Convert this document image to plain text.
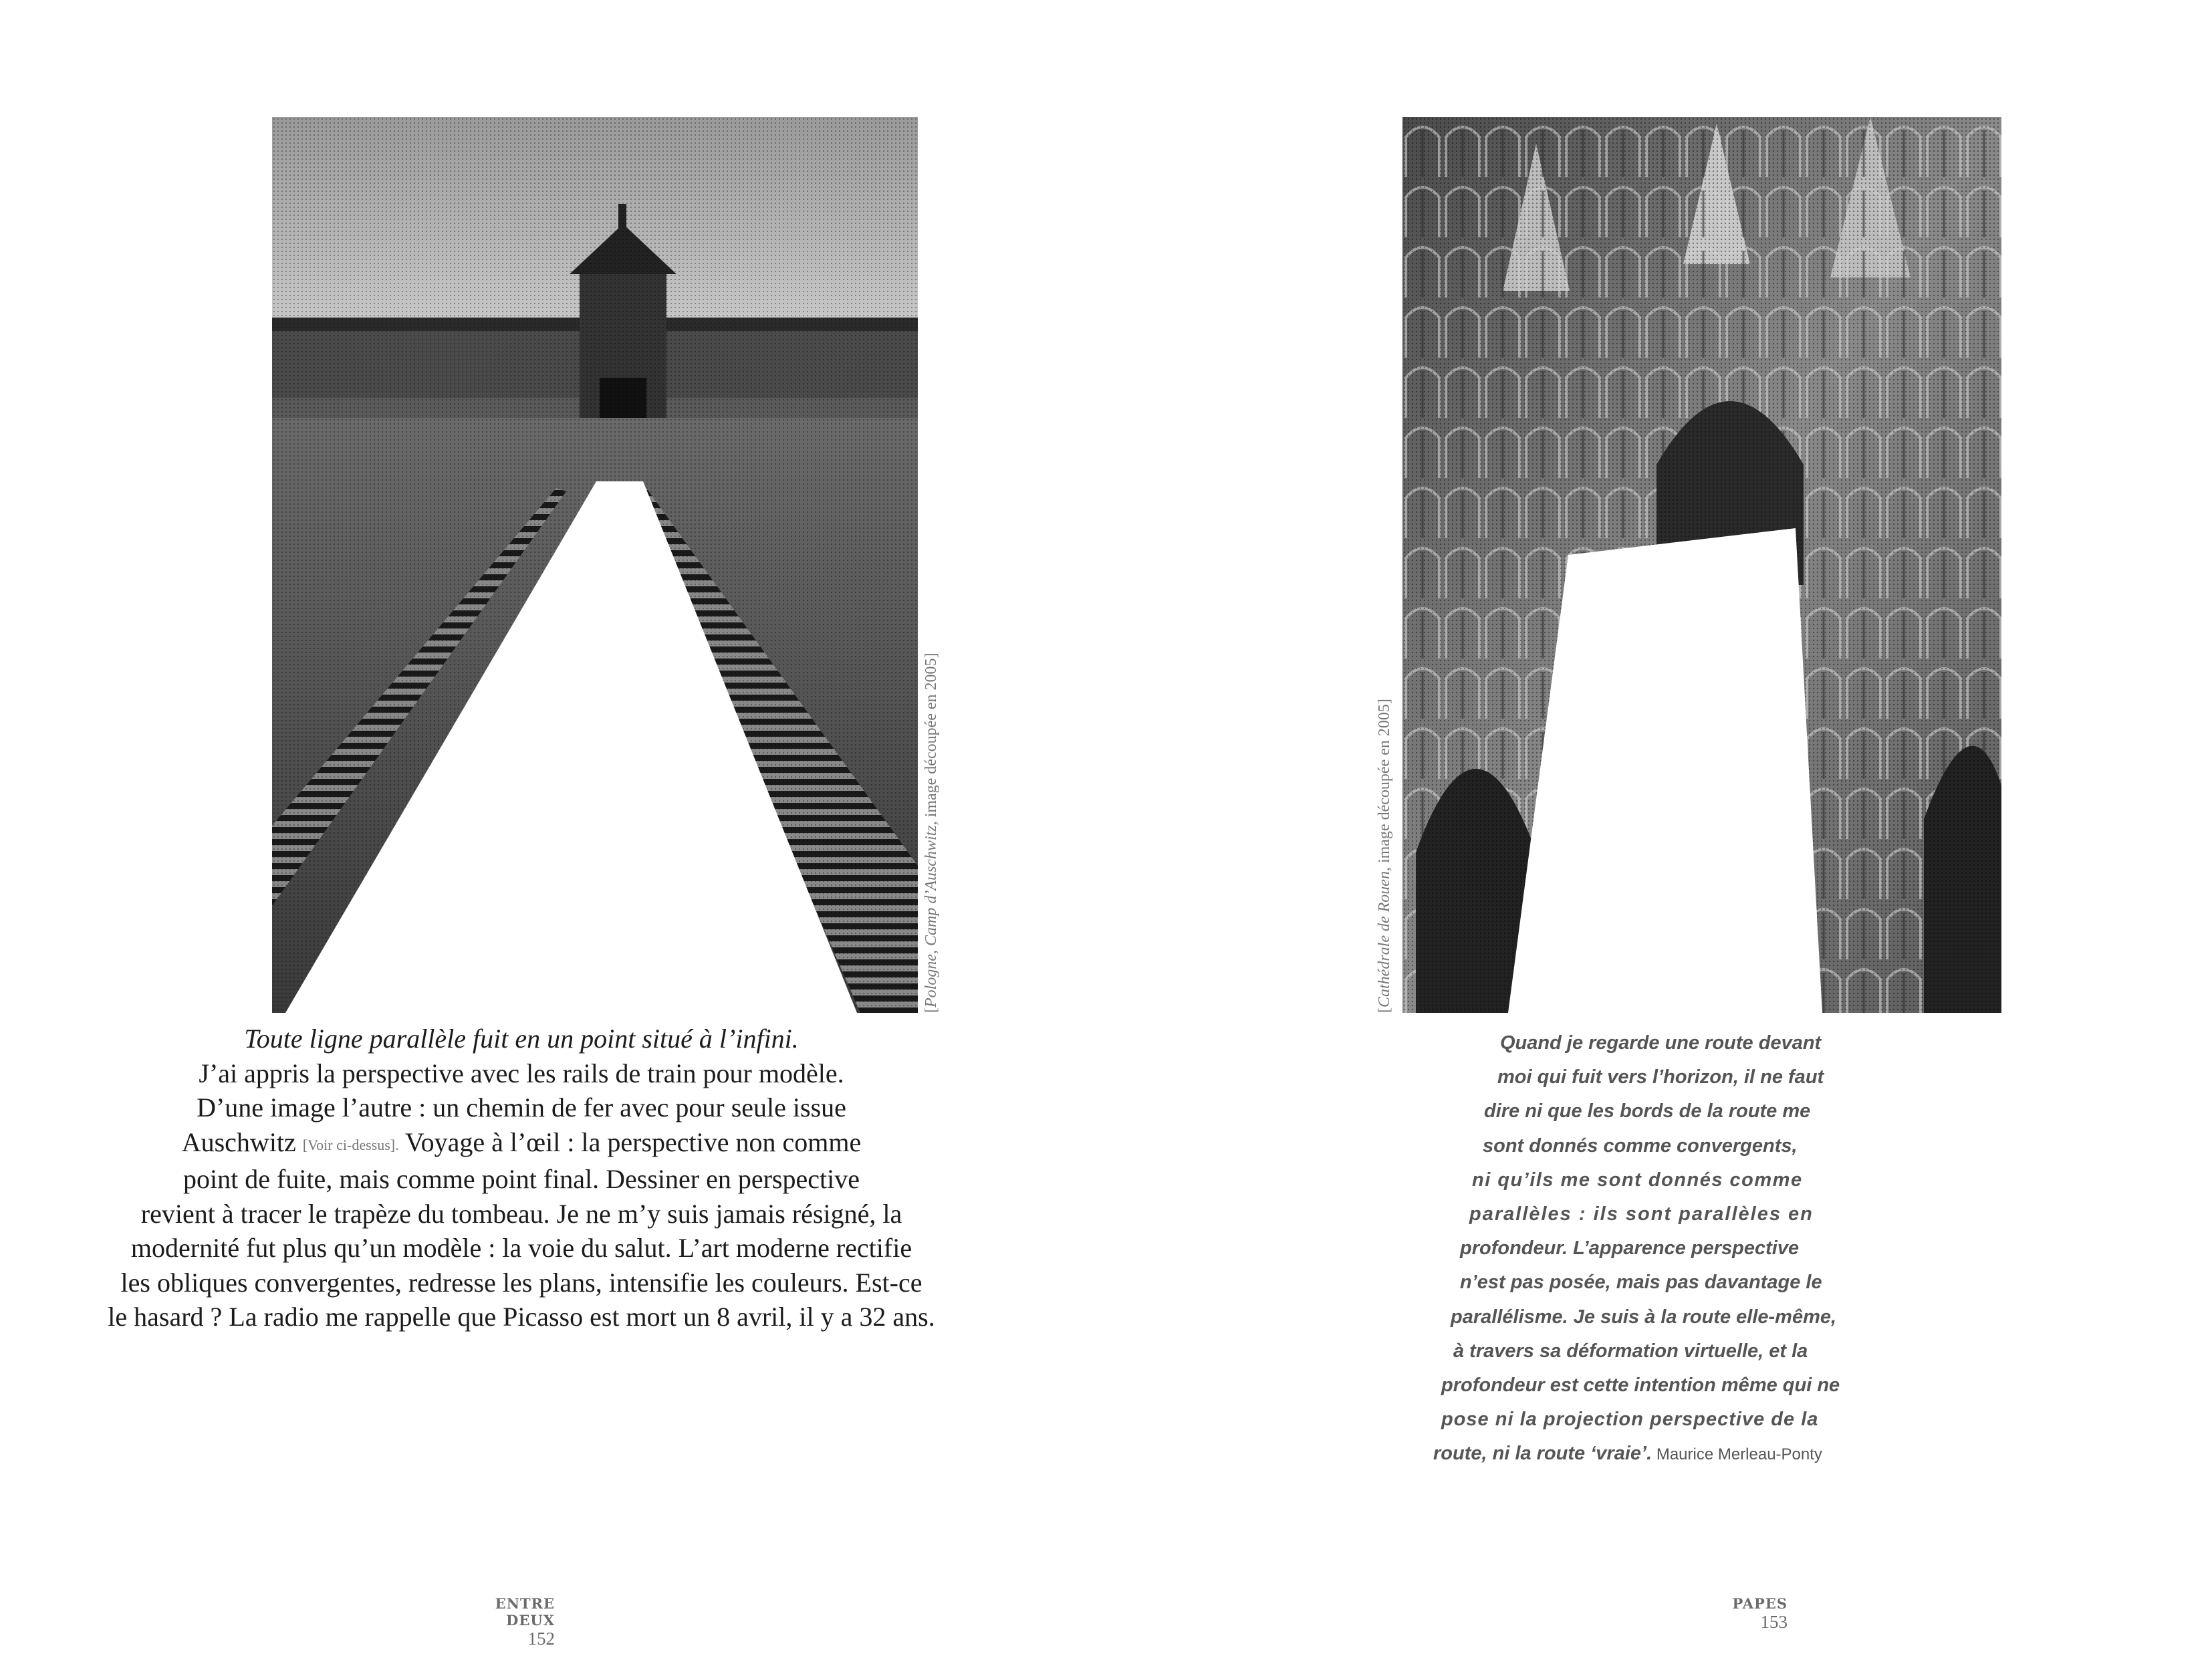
[Pologne, Camp d’Auschwitz, image découpée en 2005]
Toute ligne parallèle fuit en un point situé à l’infini.
J’ai appris la perspective avec les rails de train pour modèle.
D’une image l’autre : un chemin de fer avec pour seule issue
Auschwitz [Voir ci-dessus]. Voyage à l’œil : la perspective non comme
point de fuite, mais comme point final. Dessiner en perspective
revient à tracer le trapèze du tombeau. Je ne m’y suis jamais résigné, la
modernité fut plus qu’un modèle : la voie du salut. L’art moderne rectifie
les obliques convergentes, redresse les plans, intensifie les couleurs. Est-ce
le hasard ? La radio me rappelle que Picasso est mort un 8 avril, il y a 32 ans.
ENTRE DEUX
152
[Cathédrale de Rouen, image découpée en 2005]
Quand je regarde une route devant
moi qui fuit vers l’horizon, il ne faut
dire ni que les bords de la route me
sont donnés comme convergents,
ni qu’ils me sont donnés comme
parallèles : ils sont parallèles en
profondeur. L’apparence perspective
n’est pas posée, mais pas davantage le
parallélisme. Je suis à la route elle-même,
à travers sa déformation virtuelle, et la
profondeur est cette intention même qui ne
pose ni la projection perspective de la
route, ni la route ‘vraie’. Maurice Merleau-Ponty
PAPES
153
